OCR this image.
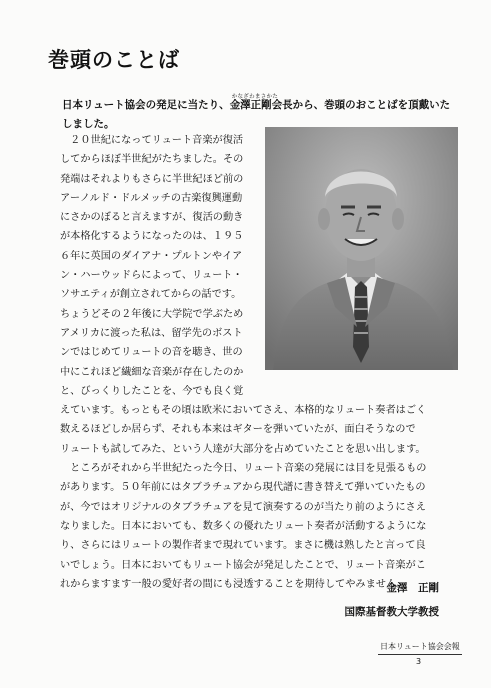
巻頭のことば
日本リュート協会の発足に当たり、
かなざわまさかた
金澤正剛会長から、巻頭のおことばを頂戴いたしました。
　２０世紀になってリュート音楽が復活
してからほぼ半世紀がたちました。その
発端はそれよりもさらに半世紀ほど前の
アーノルド・ドルメッチの古楽復興運動
にさかのぼると言えますが、復活の動き
が本格化するようになったのは、１９５
６年に英国のダイアナ・プルトンやイア
ン・ハーウッドらによって、リュート・
ソサエティが創立されてからの話です。
ちょうどその２年後に大学院で学ぶため
アメリカに渡った私は、留学先のボスト
ンではじめてリュートの音を聴き、世の
中にこれほど繊細な音楽が存在したのか
と、びっくりしたことを、今でも良く覚
えています。もっともその頃は欧米においてさえ、本格的なリュート奏者はごく
数えるほどしか居らず、それも本来はギターを弾いていたが、面白そうなので
リュートも試してみた、という人達が大部分を占めていたことを思い出します。
　ところがそれから半世紀たった今日、リュート音楽の発展には目を見張るもの
があります。５０年前にはタブラチュアから現代譜に書き替えて弾いていたもの
が、今ではオリジナルのタブラチュアを見て演奏するのが当たり前のようにさえ
なりました。日本においても、数多くの優れたリュート奏者が活動するようにな
り、さらにはリュートの製作者まで現れています。まさに機は熟したと言って良
いでしょう。日本においてもリュート協会が発足したことで、リュート音楽がこ
れからますます一般の愛好者の間にも浸透することを期待してやみません。
金澤　正剛
国際基督教大学教授
日本リュート協会会報
3
